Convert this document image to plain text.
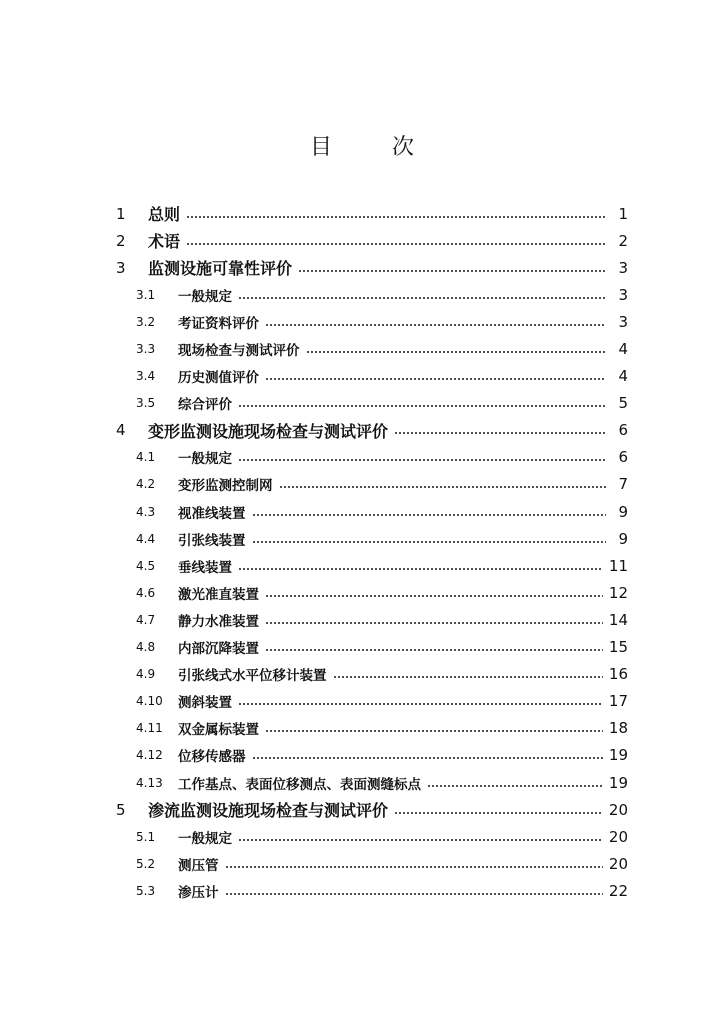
目	次
1	总则	1
2	术语	2
3	监测设施可靠性评价	3
3.1	一般规定	3
3.2	考证资料评价	3
3.3	现场检查与测试评价	4
3.4	历史测值评价	4
3.5	综合评价	5
4	变形监测设施现场检查与测试评价	6
4.1	一般规定	6
4.2	变形监测控制网	7
4.3	视准线装置	9
4.4	引张线装置	9
4.5	垂线装置	11
4.6	激光准直装置	12
4.7	静力水准装置	14
4.8	内部沉降装置	15
4.9	引张线式水平位移计装置	16
4.10	测斜装置	17
4.11	双金属标装置	18
4.12	位移传感器	19
4.13	工作基点、表面位移测点、表面测缝标点	19
5	渗流监测设施现场检查与测试评价	20
5.1	一般规定	20
5.2	测压管	20
5.3	渗压计	22
